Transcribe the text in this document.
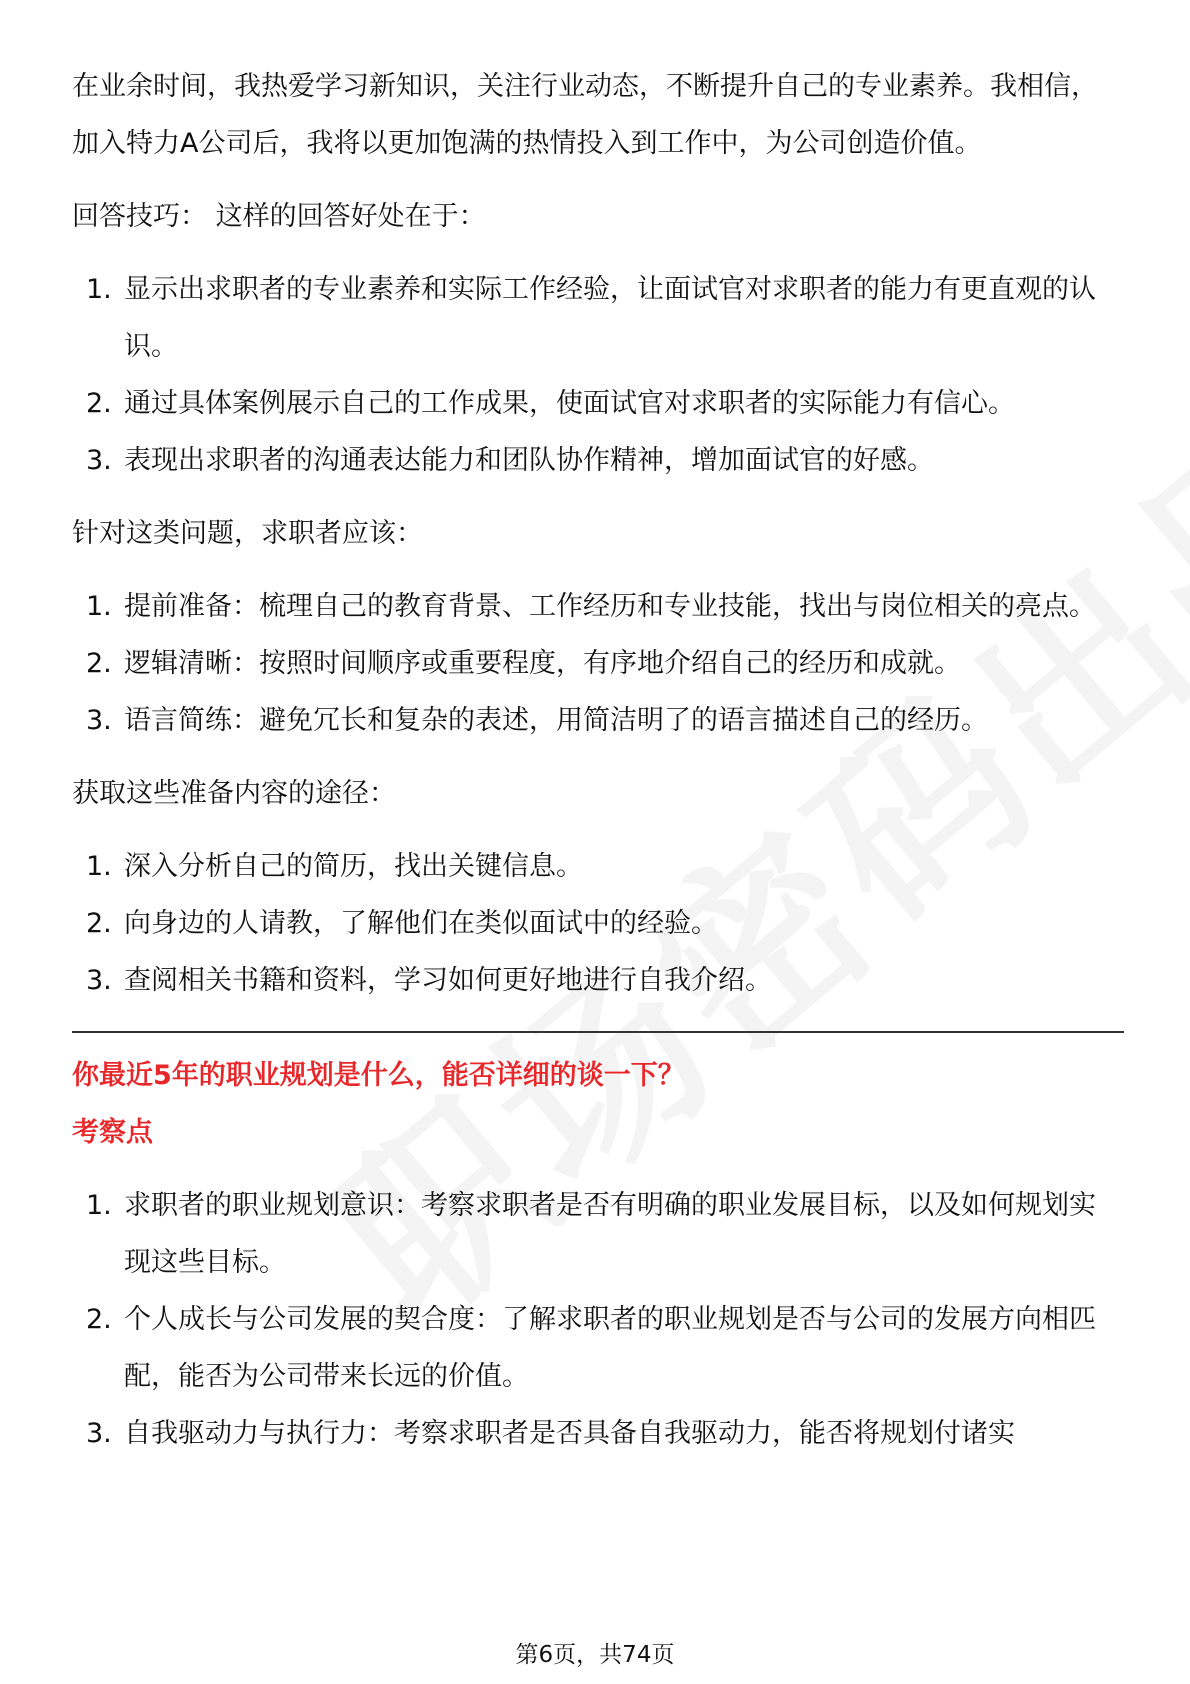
在业余时间，我热爱学习新知识，关注行业动态，不断提升自己的专业素养。我相信，加入特力A公司后，我将以更加饱满的热情投入到工作中，为公司创造价值。

回答技巧： 这样的回答好处在于：

1. 显示出求职者的专业素养和实际工作经验，让面试官对求职者的能力有更直观的认识。
2. 通过具体案例展示自己的工作成果，使面试官对求职者的实际能力有信心。
3. 表现出求职者的沟通表达能力和团队协作精神，增加面试官的好感。

针对这类问题，求职者应该：

1. 提前准备：梳理自己的教育背景、工作经历和专业技能，找出与岗位相关的亮点。
2. 逻辑清晰：按照时间顺序或重要程度，有序地介绍自己的经历和成就。
3. 语言简练：避免冗长和复杂的表述，用简洁明了的语言描述自己的经历。

获取这些准备内容的途径：

1. 深入分析自己的简历，找出关键信息。
2. 向身边的人请教，了解他们在类似面试中的经验。
3. 查阅相关书籍和资料，学习如何更好地进行自我介绍。

你最近5年的职业规划是什么，能否详细的谈一下？

考察点

1. 求职者的职业规划意识：考察求职者是否有明确的职业发展目标，以及如何规划实现这些目标。
2. 个人成长与公司发展的契合度：了解求职者的职业规划是否与公司的发展方向相匹配，能否为公司带来长远的价值。
3. 自我驱动力与执行力：考察求职者是否具备自我驱动力，能否将规划付诸实
第6页，共74页
